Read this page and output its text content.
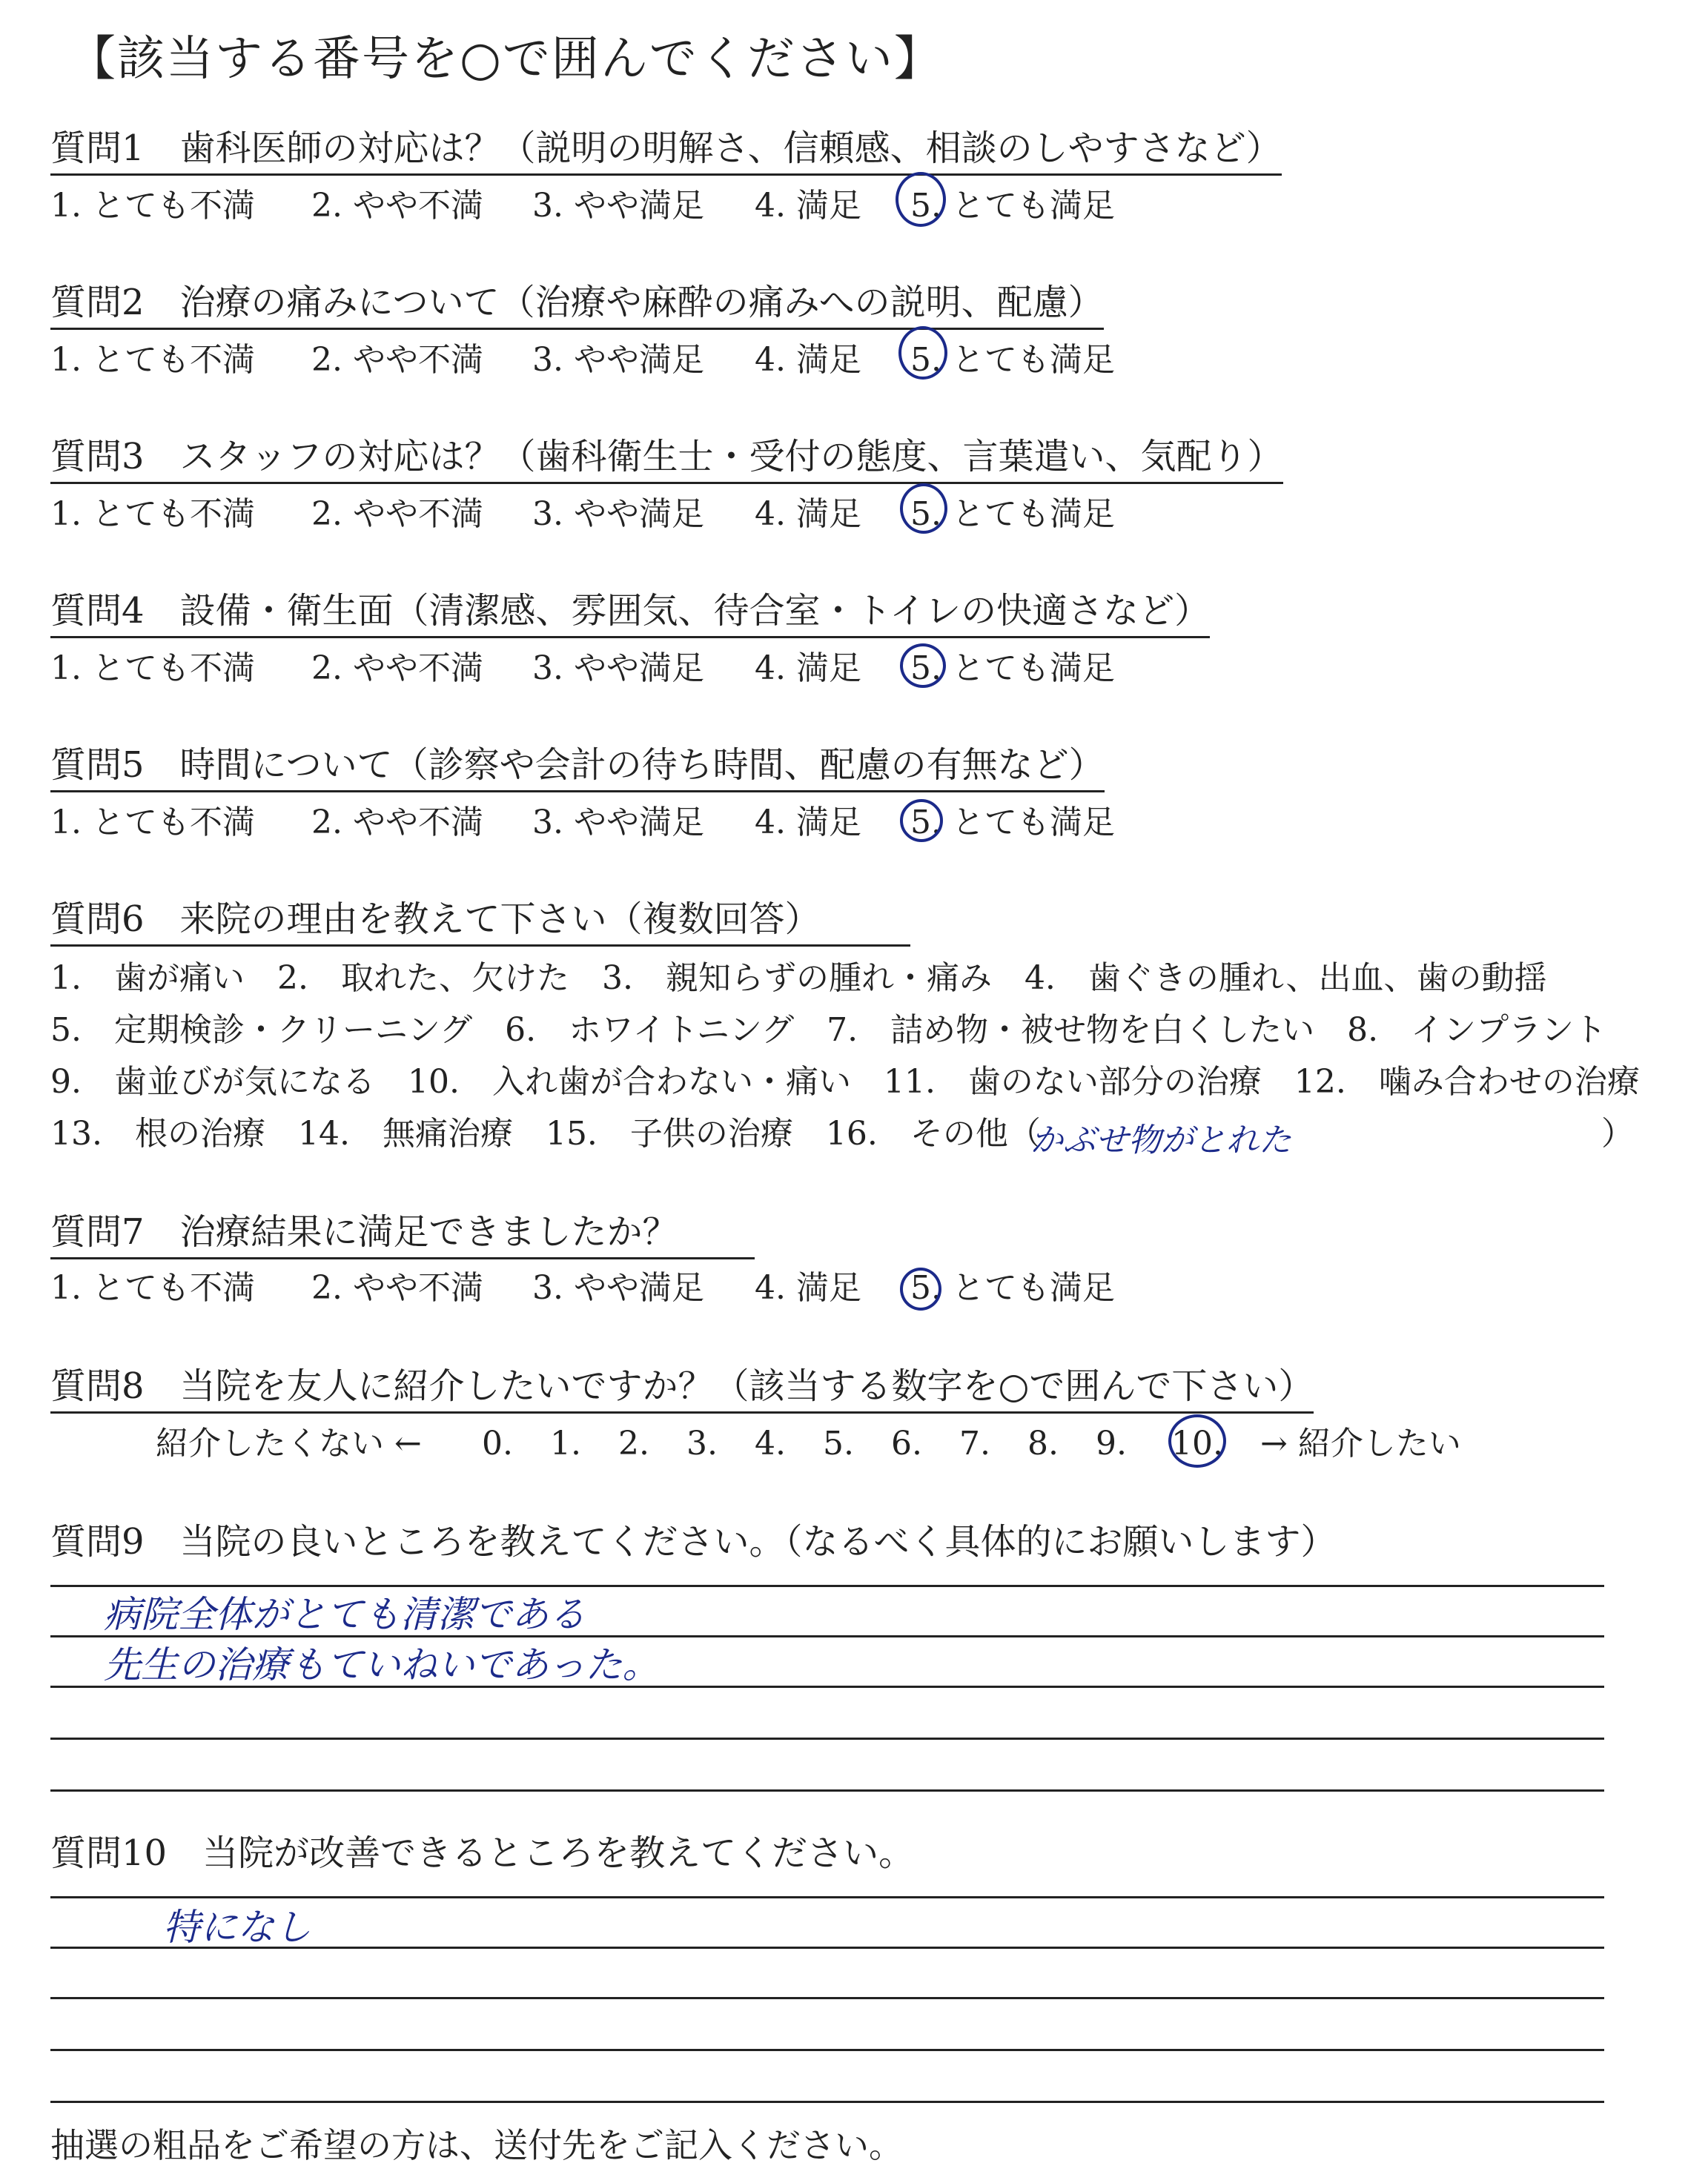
【該当する番号を○で囲んでください】
質問1　歯科医師の対応は？（説明の明解さ、信頼感、相談のしやすさなど）
1. とても不満 2. やや不満 3. やや満足 4. 満足 5. とても満足
質問2　治療の痛みについて（治療や麻酔の痛みへの説明、配慮）
1. とても不満 2. やや不満 3. やや満足 4. 満足 5. とても満足
質問3　スタッフの対応は？（歯科衛生士・受付の態度、言葉遣い、気配り）
1. とても不満 2. やや不満 3. やや満足 4. 満足 5. とても満足
質問4　設備・衛生面（清潔感、雰囲気、待合室・トイレの快適さなど）
1. とても不満 2. やや不満 3. やや満足 4. 満足 5. とても満足
質問5　時間について（診察や会計の待ち時間、配慮の有無など）
1. とても不満 2. やや不満 3. やや満足 4. 満足 5. とても満足
質問6　来院の理由を教えて下さい（複数回答）
1.　歯が痛い　2.　取れた、欠けた　3.　親知らずの腫れ・痛み　4.　歯ぐきの腫れ、出血、歯の動揺
5.　定期検診・クリーニング　6.　ホワイトニング　7.　詰め物・被せ物を白くしたい　8.　インプラント
9.　歯並びが気になる　10.　入れ歯が合わない・痛い　11.　歯のない部分の治療　12.　噛み合わせの治療
13.　根の治療　14.　無痛治療　15.　子供の治療　16.　その他（
かぶせ物がとれた	）
質問7　治療結果に満足できましたか？
1. とても不満 2. やや不満 3. やや満足 4. 満足 5. とても満足
質問8　当院を友人に紹介したいですか？（該当する数字を○で囲んで下さい）
紹介したくない ← 0. 1. 2. 3. 4. 5. 6. 7. 8. 9. 10. → 紹介したい
質問9　当院の良いところを教えてください。（なるべく具体的にお願いします）
病院全体がとても清潔である
先生の治療もていねいであった。
質問10　当院が改善できるところを教えてください。
特になし
抽選の粗品をご希望の方は、送付先をご記入ください。
